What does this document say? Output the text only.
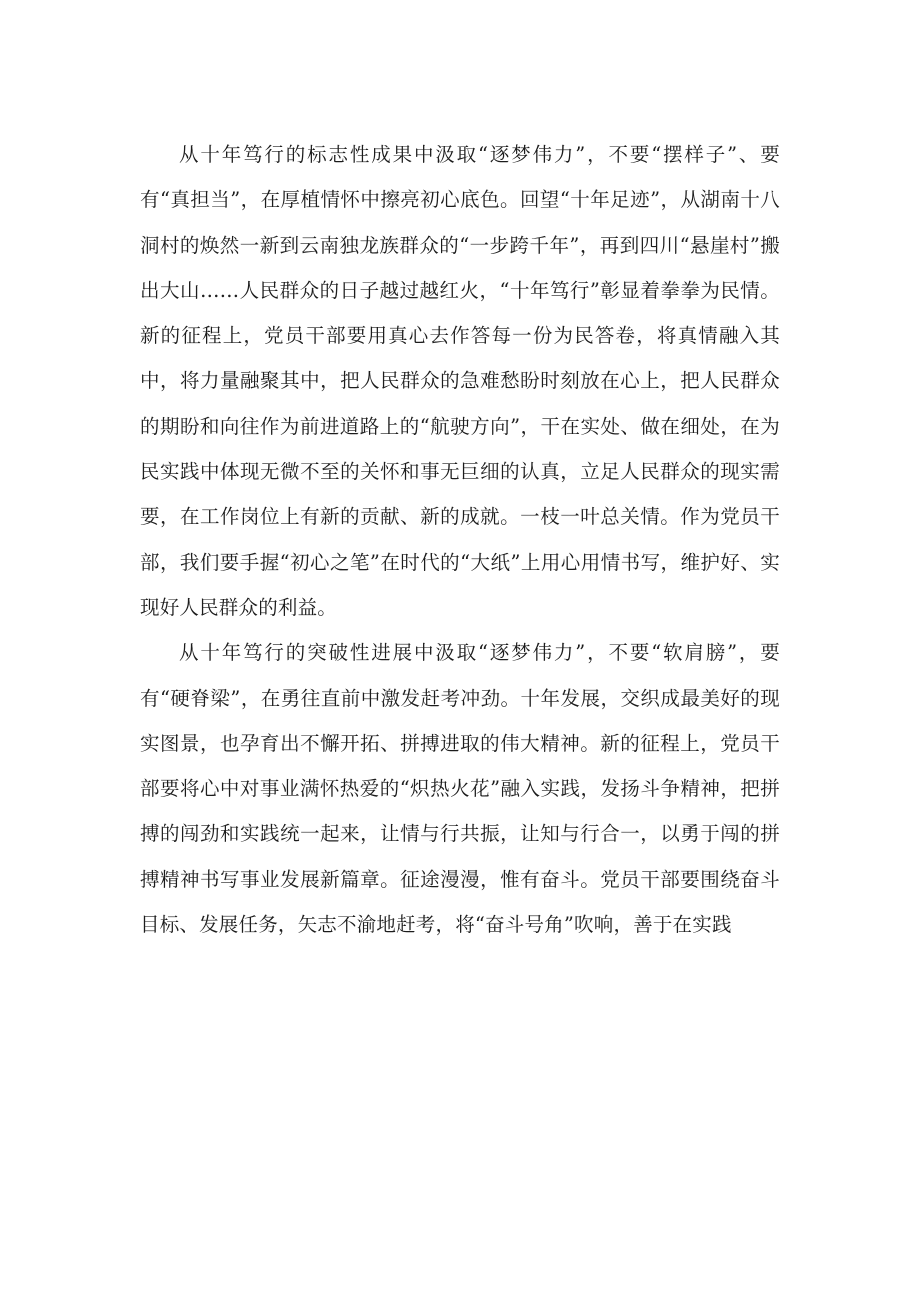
从十年笃行的标志性成果中汲取“逐梦伟力”，不要“摆样子”、要有“真担当”，在厚植情怀中擦亮初心底色。回望“十年足迹”，从湖南十八洞村的焕然一新到云南独龙族群众的“一步跨千年”，再到四川“悬崖村”搬出大山……人民群众的日子越过越红火，“十年笃行”彰显着拳拳为民情。新的征程上，党员干部要用真心去作答每一份为民答卷，将真情融入其中，将力量融聚其中，把人民群众的急难愁盼时刻放在心上，把人民群众的期盼和向往作为前进道路上的“航驶方向”，干在实处、做在细处，在为民实践中体现无微不至的关怀和事无巨细的认真，立足人民群众的现实需要，在工作岗位上有新的贡献、新的成就。一枝一叶总关情。作为党员干部，我们要手握“初心之笔”在时代的“大纸”上用心用情书写，维护好、实现好人民群众的利益。

从十年笃行的突破性进展中汲取“逐梦伟力”，不要“软肩膀”，要有“硬脊梁”，在勇往直前中激发赶考冲劲。十年发展，交织成最美好的现实图景，也孕育出不懈开拓、拼搏进取的伟大精神。新的征程上，党员干部要将心中对事业满怀热爱的“炽热火花”融入实践，发扬斗争精神，把拼搏的闯劲和实践统一起来，让情与行共振，让知与行合一，以勇于闯的拼搏精神书写事业发展新篇章。征途漫漫，惟有奋斗。党员干部要围绕奋斗目标、发展任务，矢志不渝地赶考，将“奋斗号角”吹响，善于在实践
